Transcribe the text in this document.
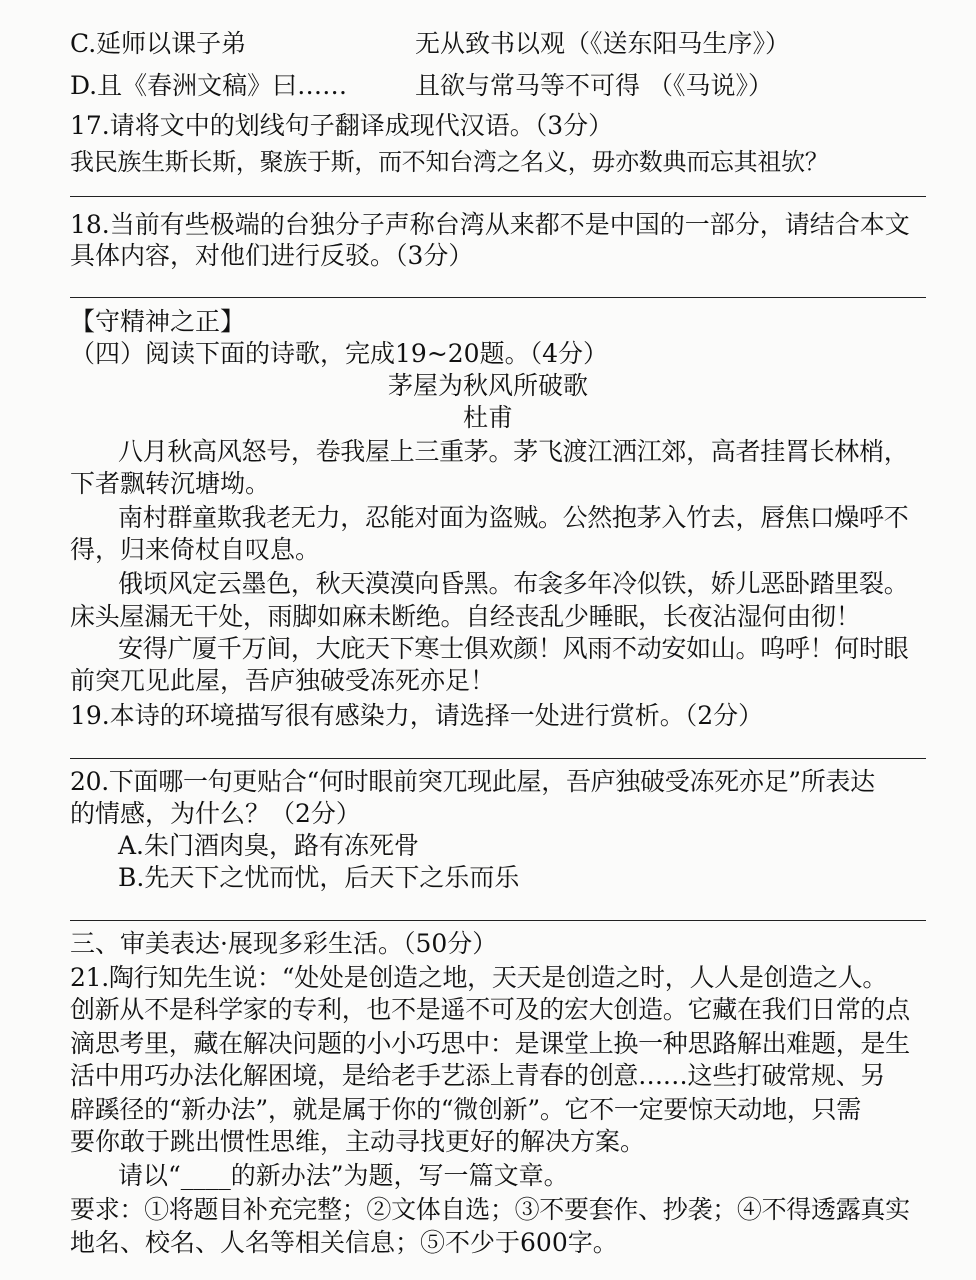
C.延师以课子弟	无从致书以观（《送东阳马生序》）
D.且《春洲文稿》曰……	且欲与常马等不可得 （《马说》）
17.请将文中的划线句子翻译成现代汉语。（3分）
我民族生斯长斯，聚族于斯，而不知台湾之名义，毋亦数典而忘其祖欤？
18.当前有些极端的台独分子声称台湾从来都不是中国的一部分，请结合本文
具体内容，对他们进行反驳。（3分）
【守精神之正】
（四）阅读下面的诗歌，完成19~20题。（4分）
茅屋为秋风所破歌
杜甫
八月秋高风怒号，卷我屋上三重茅。茅飞渡江洒江郊，高者挂罥长林梢，
下者飘转沉塘坳。
南村群童欺我老无力，忍能对面为盗贼。公然抱茅入竹去，唇焦口燥呼不
得，归来倚杖自叹息。
俄顷风定云墨色，秋天漠漠向昏黑。布衾多年冷似铁，娇儿恶卧踏里裂。
床头屋漏无干处，雨脚如麻未断绝。自经丧乱少睡眠，长夜沾湿何由彻！
安得广厦千万间，大庇天下寒士俱欢颜！风雨不动安如山。呜呼！何时眼
前突兀见此屋，吾庐独破受冻死亦足！
19.本诗的环境描写很有感染力，请选择一处进行赏析。（2分）
20.下面哪一句更贴合“何时眼前突兀现此屋，吾庐独破受冻死亦足”所表达
的情感，为什么？（2分）
A.朱门酒肉臭，路有冻死骨
B.先天下之忧而忧，后天下之乐而乐
三、审美表达·展现多彩生活。（50分）
21.陶行知先生说：“处处是创造之地，天天是创造之时，人人是创造之人。
创新从不是科学家的专利，也不是遥不可及的宏大创造。它藏在我们日常的点
滴思考里，藏在解决问题的小小巧思中：是课堂上换一种思路解出难题，是生
活中用巧办法化解困境，是给老手艺添上青春的创意……这些打破常规、另
辟蹊径的“新办法”，就是属于你的“微创新”。它不一定要惊天动地，只需
要你敢于跳出惯性思维，主动寻找更好的解决方案。
请以“____的新办法”为题，写一篇文章。
要求：①将题目补充完整；②文体自选；③不要套作、抄袭；④不得透露真实
地名、校名、人名等相关信息；⑤不少于600字。
